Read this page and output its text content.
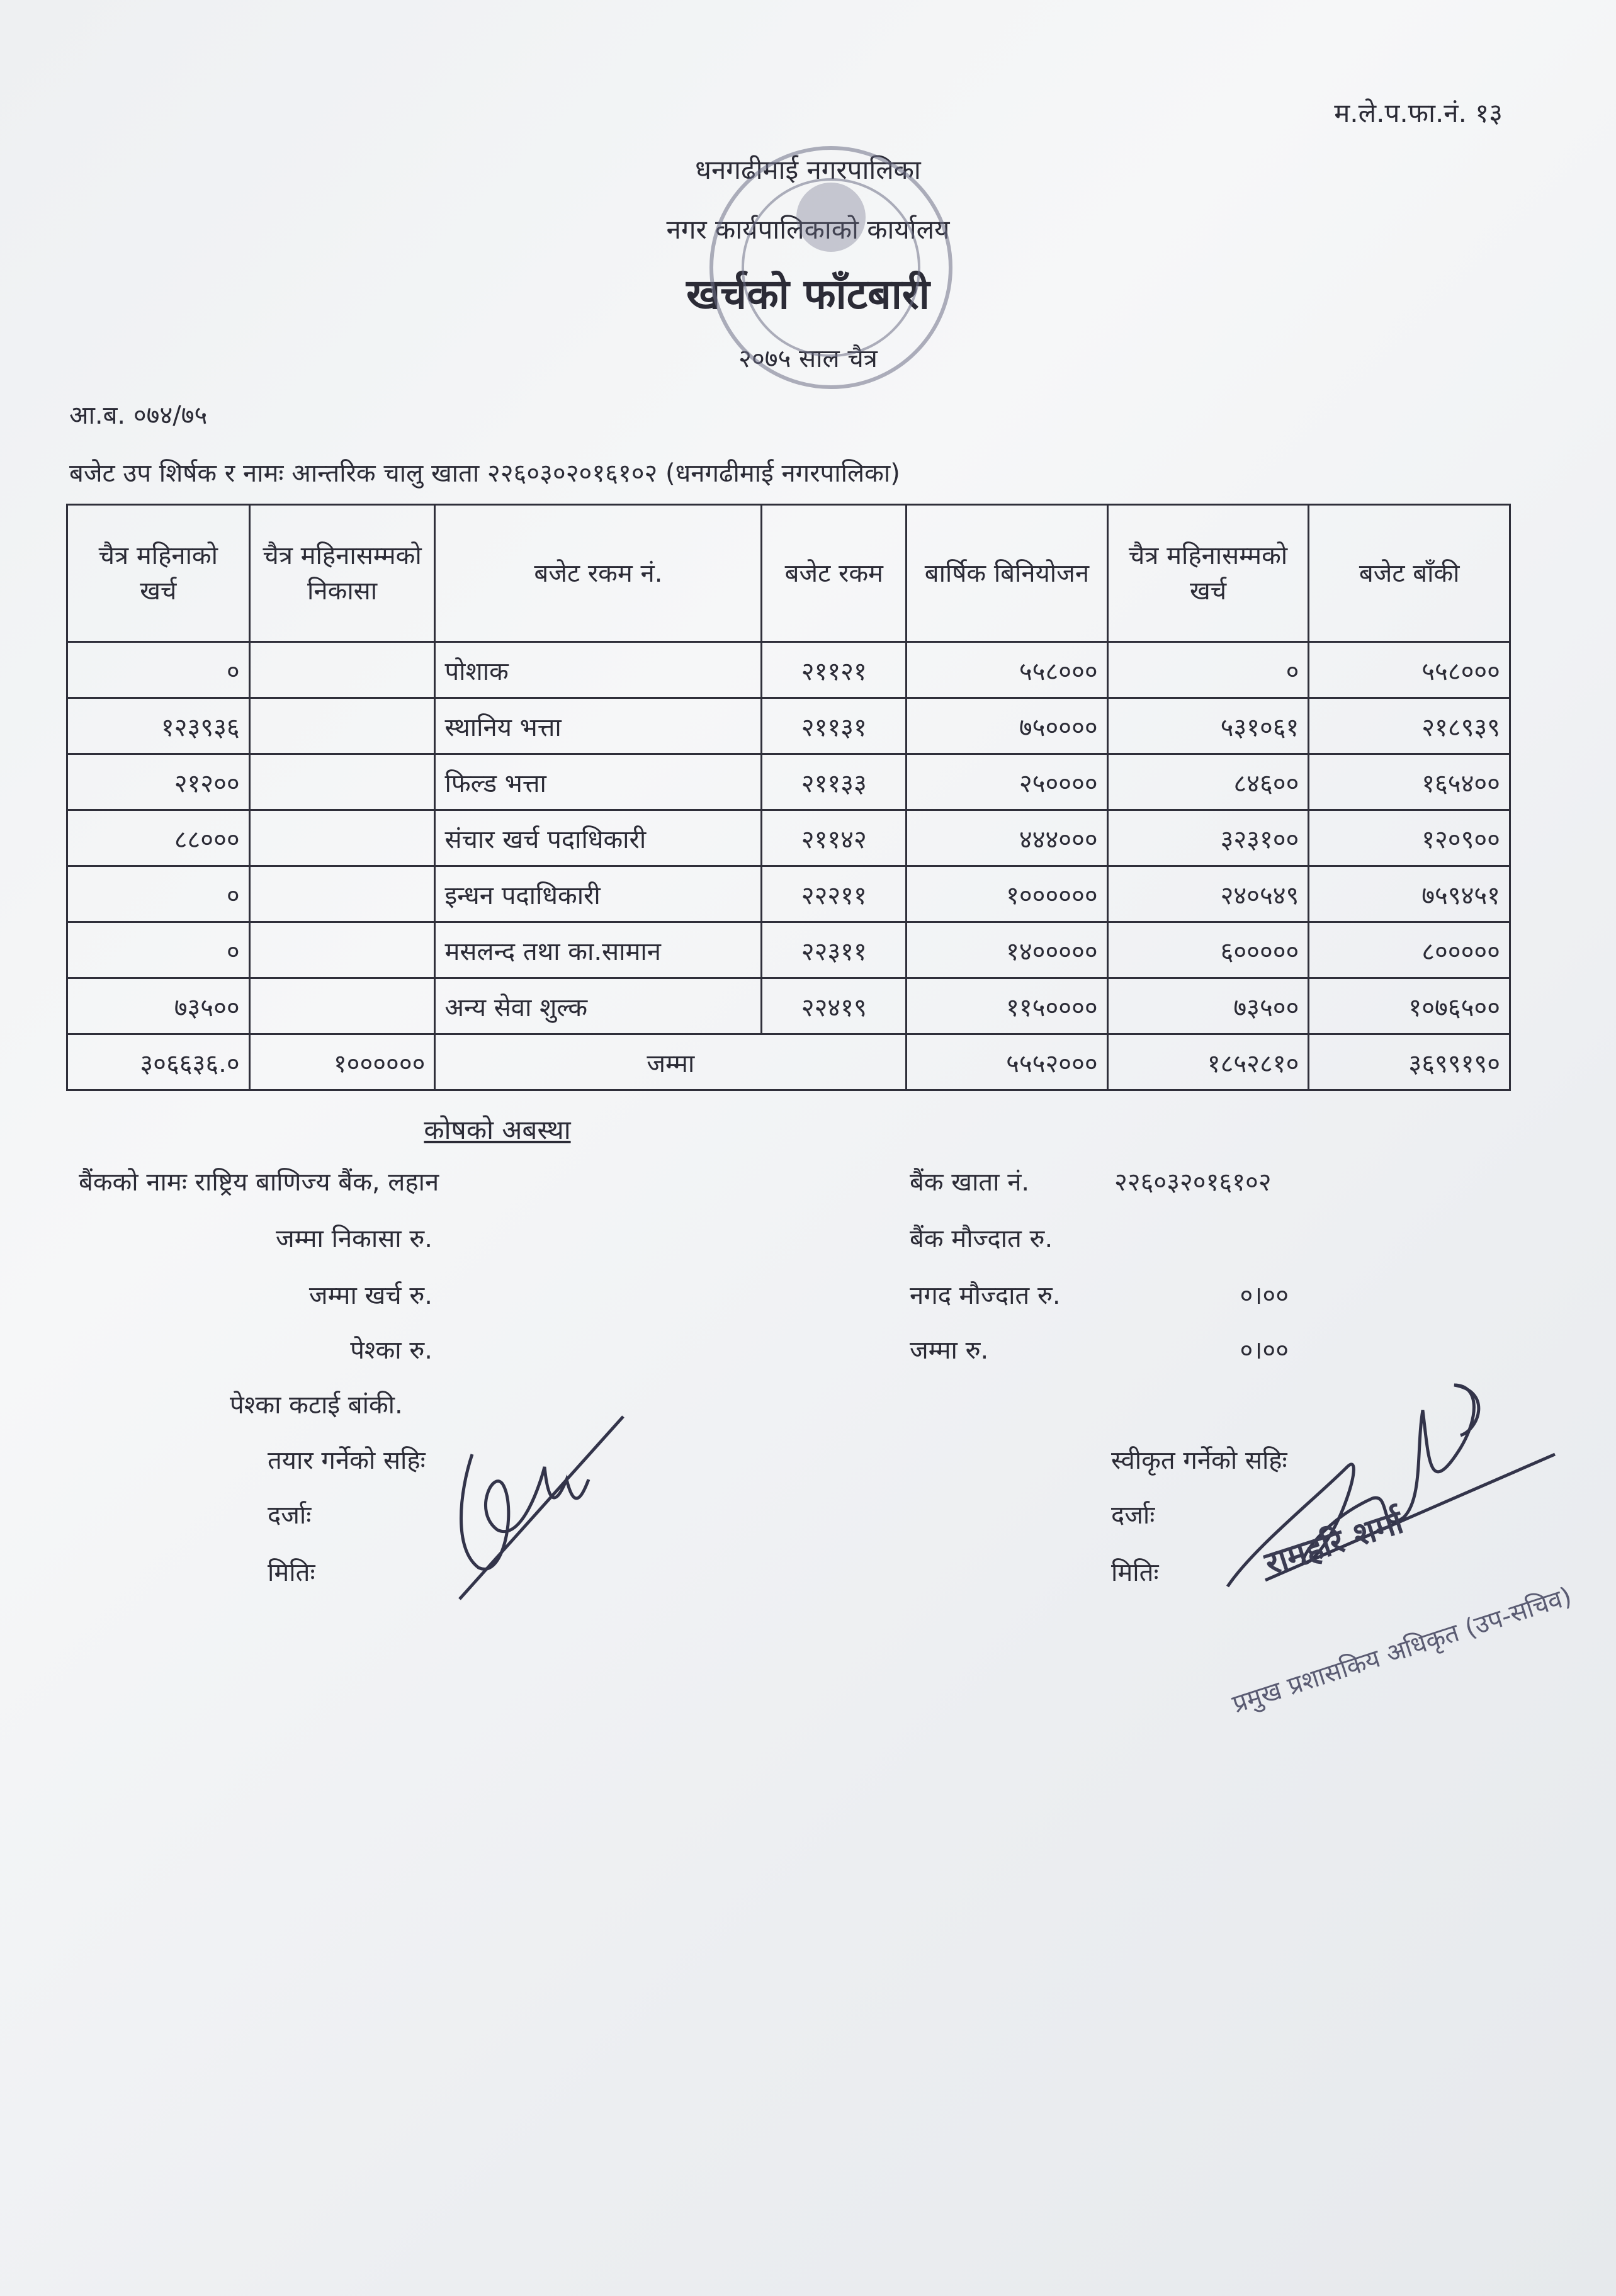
म.ले.प.फा.नं. १३
धनगढीमाई नगरपालिका
नगर कार्यपालिकाको कार्यालय
खर्चको फाँटबारी
२०७५ साल चैत्र
आ.ब. ०७४/७५
बजेट उप शिर्षक र नामः आन्तरिक चालु खाता २२६०३०२०१६१०२ (धनगढीमाई नगरपालिका)
चैत्र महिनाको खर्च	चैत्र महिनासम्मको निकासा	बजेट रकम नं.	बजेट रकम	बार्षिक बिनियोजन	चैत्र महिनासम्मको खर्च	बजेट बाँकी
०		पोशाक	२११२१	५५८०००	०	५५८०००
१२३९३६		स्थानिय भत्ता	२११३१	७५००००	५३१०६१	२१८९३९
२१२००		फिल्ड भत्ता	२११३३	२५००००	८४६००	१६५४००
८८०००		संचार खर्च पदाधिकारी	२११४२	४४४०००	३२३१००	१२०९००
०		इन्धन पदाधिकारी	२२२११	१००००००	२४०५४९	७५९४५१
०		मसलन्द तथा का.सामान	२२३११	१४०००००	६०००००	८०००००
७३५००		अन्य सेवा शुल्क	२२४१९	११५००००	७३५००	१०७६५००
३०६६३६.०	१००००००	जम्मा		५५५२०००	१८५२८१०	३६९९१९०
कोषको अबस्था
बैंकको नामः राष्ट्रिय बाणिज्य बैंक, लहान
जम्मा निकासा रु.
जम्मा खर्च रु.
पेश्का रु.
पेश्का कटाई बांकी.
बैंक खाता नं.	२२६०३२०१६१०२
बैंक मौज्दात रु.
नगद मौज्दात रु.	०।००
जम्मा रु.	०।००
तयार गर्नेको सहिः
दर्जाः
मितिः
स्वीकृत गर्नेको सहिः
दर्जाः
मितिः	रामहरि शर्मा
प्रमुख प्रशासकिय अधिकृत (उप-सचिव)
